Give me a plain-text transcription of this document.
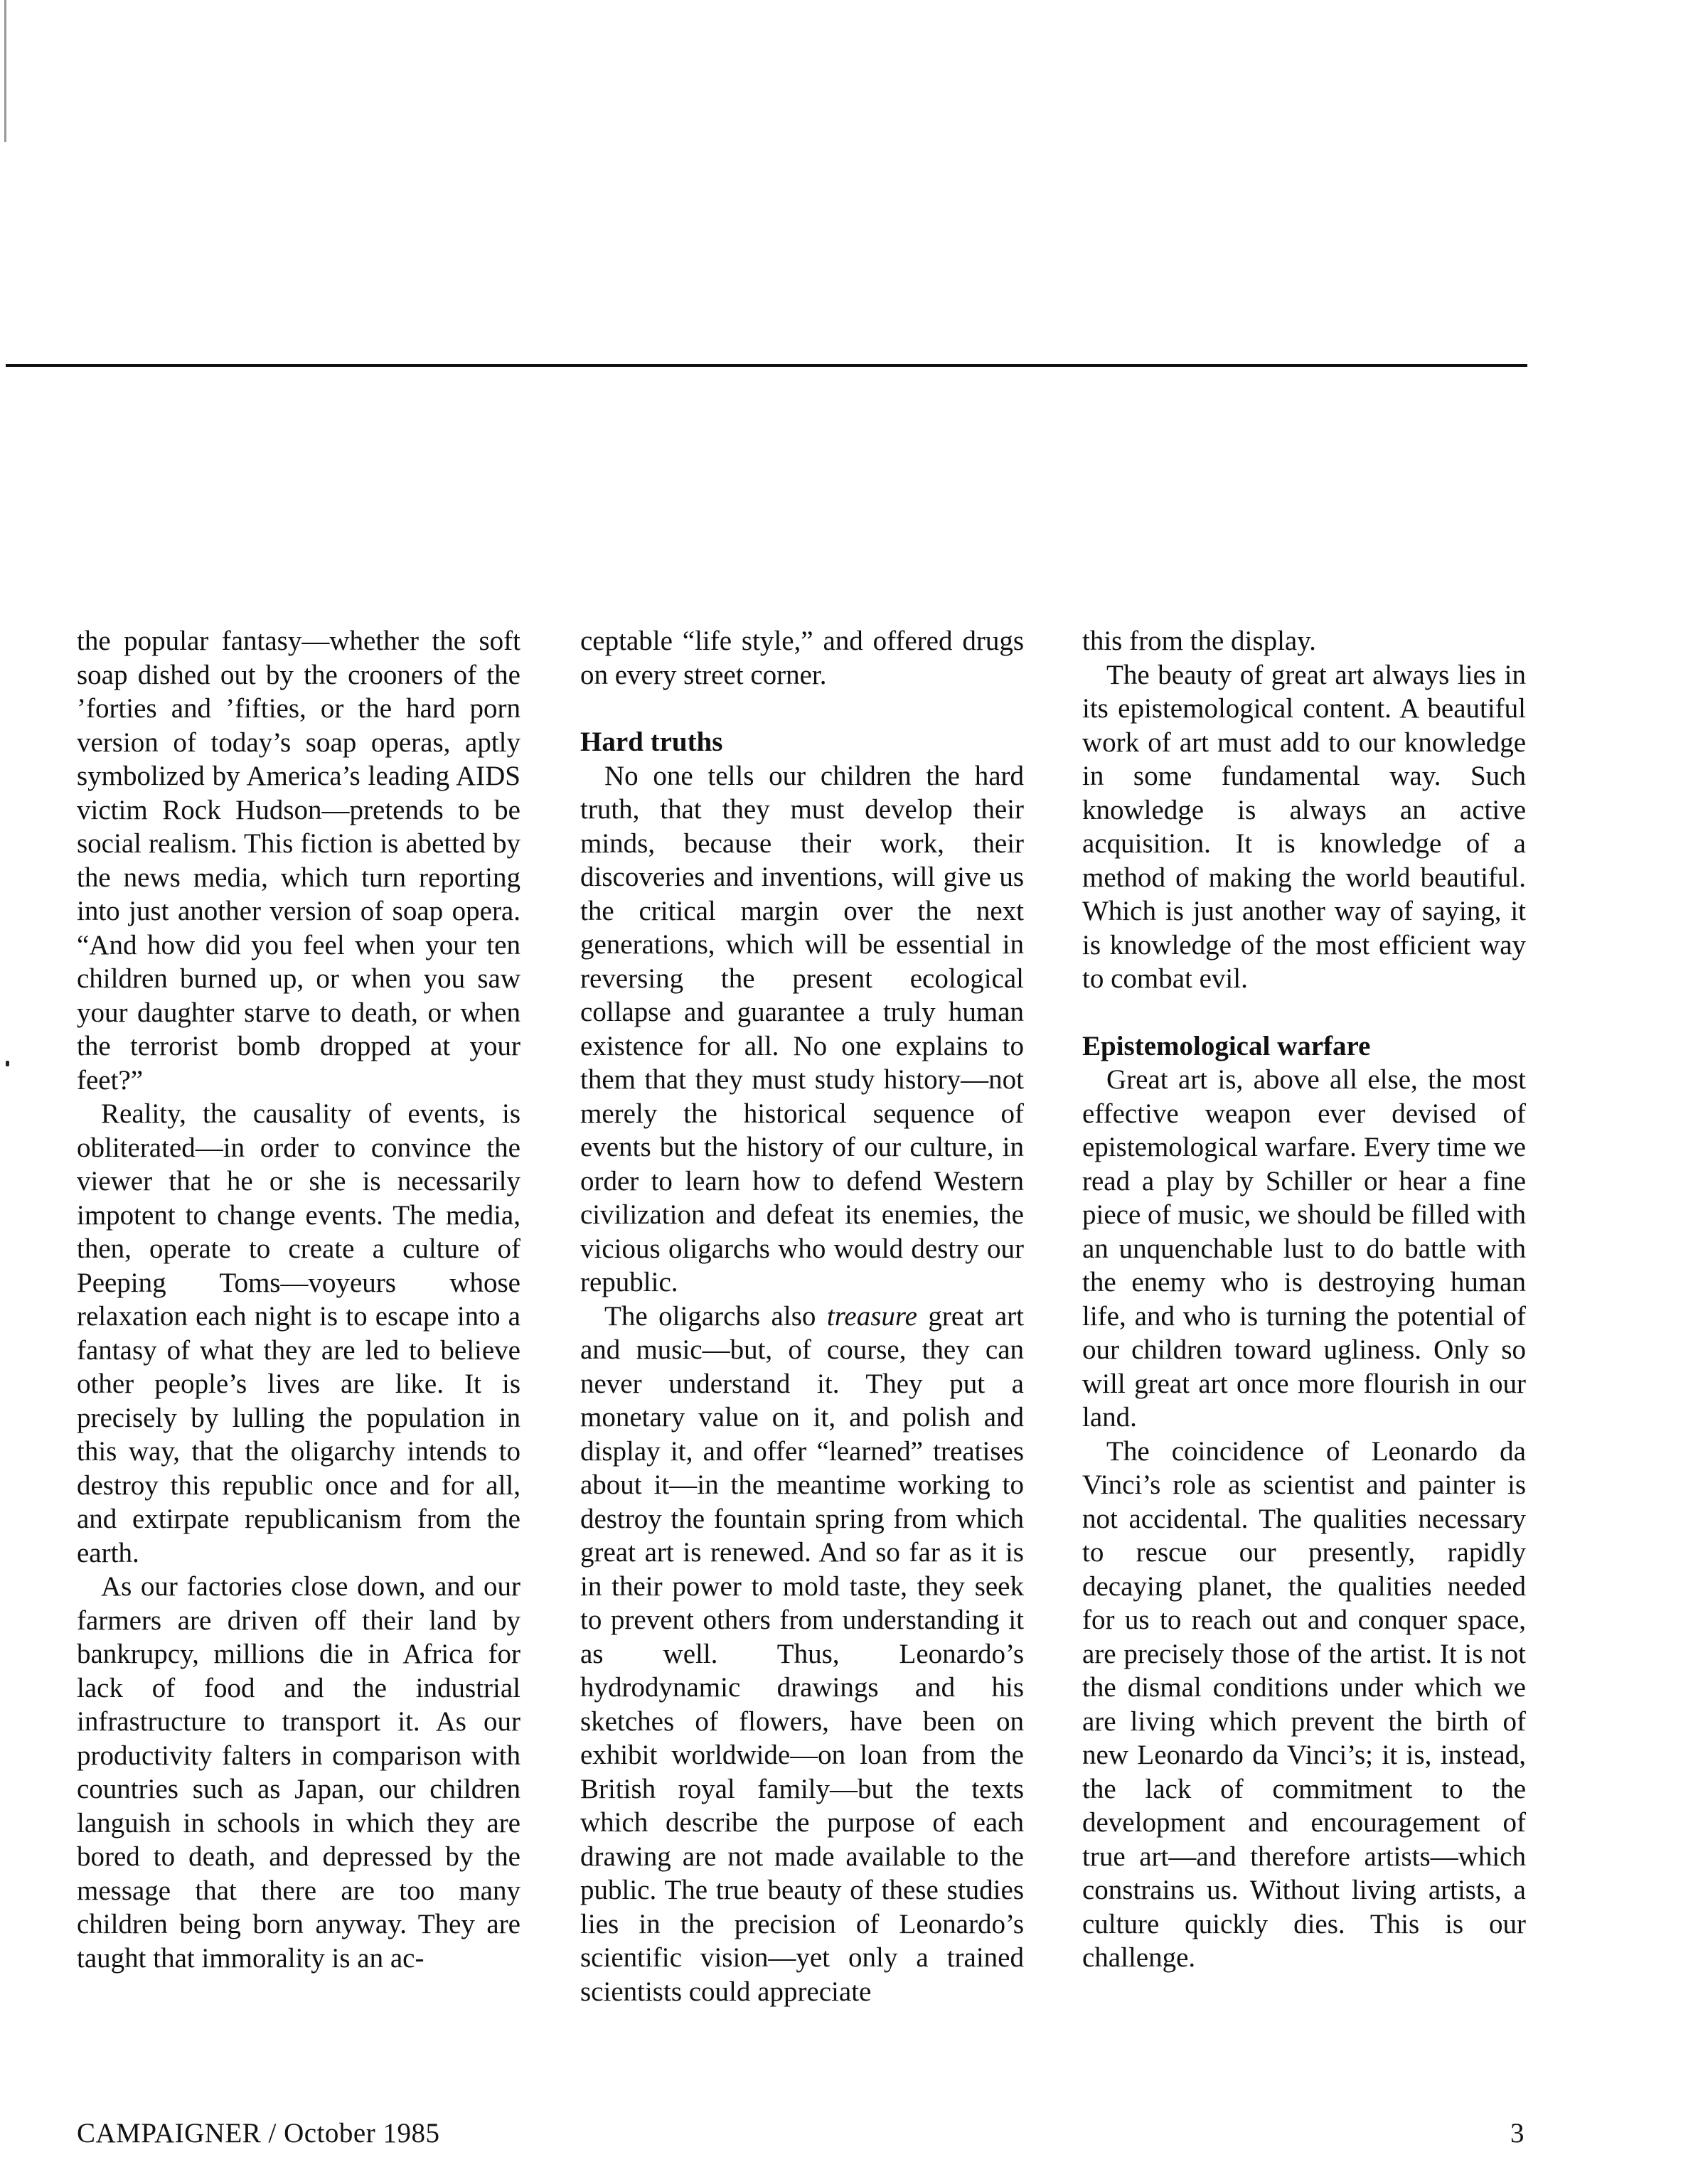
the popular fantasy—whether the soft soap dished out by the crooners of the ’forties and ’fifties, or the hard porn version of today’s soap operas, aptly symbolized by America’s leading AIDS victim Rock Hudson—pretends to be social realism. This fiction is abetted by the news media, which turn reporting into just another version of soap opera. “And how did you feel when your ten children burned up, or when you saw your daughter starve to death, or when the terrorist bomb dropped at your feet?”

Reality, the causality of events, is obliterated—in order to convince the viewer that he or she is necessarily impotent to change events. The media, then, operate to create a culture of Peeping Toms—voyeurs whose relaxation each night is to escape into a fantasy of what they are led to believe other people’s lives are like. It is precisely by lulling the population in this way, that the oligarchy intends to destroy this republic once and for all, and extirpate republicanism from the earth.

As our factories close down, and our farmers are driven off their land by bankrupcy, millions die in Africa for lack of food and the industrial infrastructure to transport it. As our productivity falters in comparison with countries such as Japan, our children languish in schools in which they are bored to death, and depressed by the message that there are too many children being born anyway. They are taught that immorality is an ac-

ceptable “life style,” and offered drugs on every street corner.

Hard truths

No one tells our children the hard truth, that they must develop their minds, because their work, their discoveries and inventions, will give us the critical margin over the next generations, which will be essential in reversing the present ecological collapse and guarantee a truly human existence for all. No one explains to them that they must study history—not merely the historical sequence of events but the history of our culture, in order to learn how to defend Western civilization and defeat its enemies, the vicious oligarchs who would destry our republic.

The oligarchs also treasure great art and music—but, of course, they can never understand it. They put a monetary value on it, and polish and display it, and offer “learned” treatises about it—in the meantime working to destroy the fountain spring from which great art is renewed. And so far as it is in their power to mold taste, they seek to prevent others from understanding it as well. Thus, Leonardo’s hydrodynamic drawings and his sketches of flowers, have been on exhibit worldwide—on loan from the British royal family—but the texts which describe the purpose of each drawing are not made available to the public. The true beauty of these studies lies in the precision of Leonardo’s scientific vision—yet only a trained scientists could appreciate

this from the display.

The beauty of great art always lies in its epistemological content. A beautiful work of art must add to our knowledge in some fundamental way. Such knowledge is always an active acquisition. It is knowledge of a method of making the world beautiful. Which is just another way of saying, it is knowledge of the most efficient way to combat evil.

Epistemological warfare

Great art is, above all else, the most effective weapon ever devised of epistemological warfare. Every time we read a play by Schiller or hear a fine piece of music, we should be filled with an unquenchable lust to do battle with the enemy who is destroying human life, and who is turning the potential of our children toward ugliness. Only so will great art once more flourish in our land.

The coincidence of Leonardo da Vinci’s role as scientist and painter is not accidental. The qualities necessary to rescue our presently, rapidly decaying planet, the qualities needed for us to reach out and conquer space, are precisely those of the artist. It is not the dismal conditions under which we are living which prevent the birth of new Leonardo da Vinci’s; it is, instead, the lack of commitment to the development and encouragement of true art—and therefore artists—which constrains us. Without living artists, a culture quickly dies. This is our challenge.

CAMPAIGNER / October 1985	3
